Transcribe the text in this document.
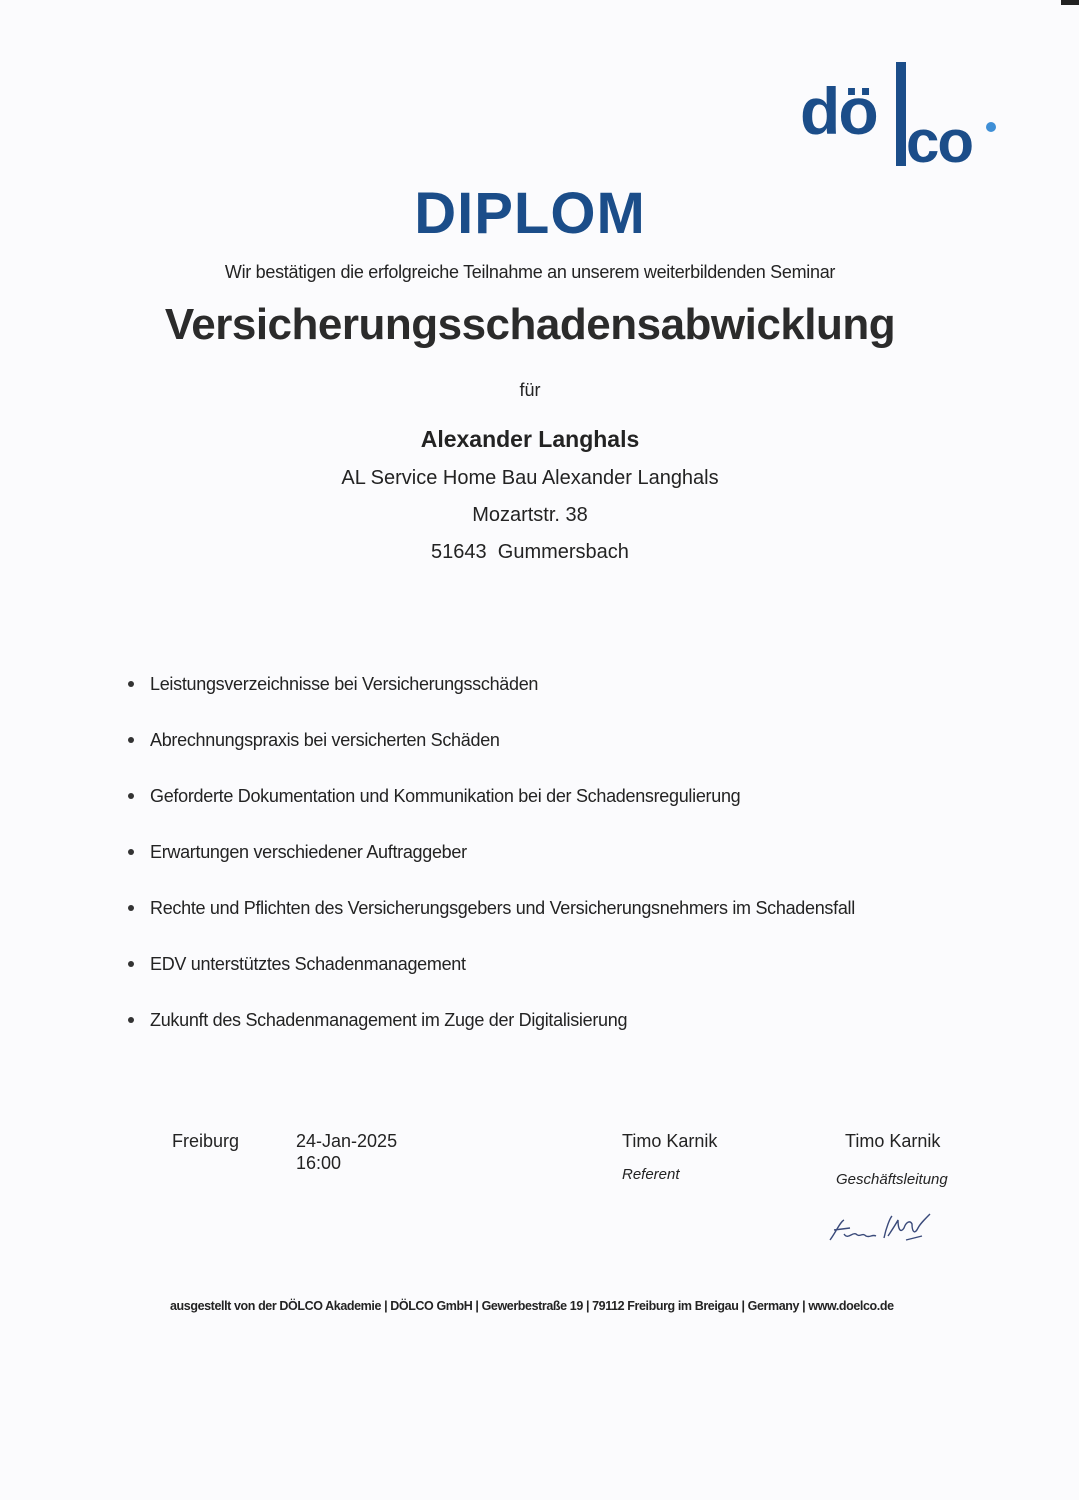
dö co
DIPLOM
Wir bestätigen die erfolgreiche Teilnahme an unserem weiterbildenden Seminar
Versicherungsschadensabwicklung
für
Alexander Langhals
AL Service Home Bau Alexander Langhals
Mozartstr. 38
51643  Gummersbach
Leistungsverzeichnisse bei Versicherungsschäden
Abrechnungspraxis bei versicherten Schäden
Geforderte Dokumentation und Kommunikation bei der Schadensregulierung
Erwartungen verschiedener Auftraggeber
Rechte und Pflichten des Versicherungsgebers und Versicherungsnehmers im Schadensfall
EDV unterstütztes Schadenmanagement
Zukunft des Schadenmanagement im Zuge der Digitalisierung
Freiburg	24-Jan-2025
16:00
Timo Karnik
Referent
Timo Karnik
Geschäftsleitung
ausgestellt von der DÖLCO Akademie | DÖLCO GmbH | Gewerbestraße 19 | 79112 Freiburg im Breigau | Germany | www.doelco.de
